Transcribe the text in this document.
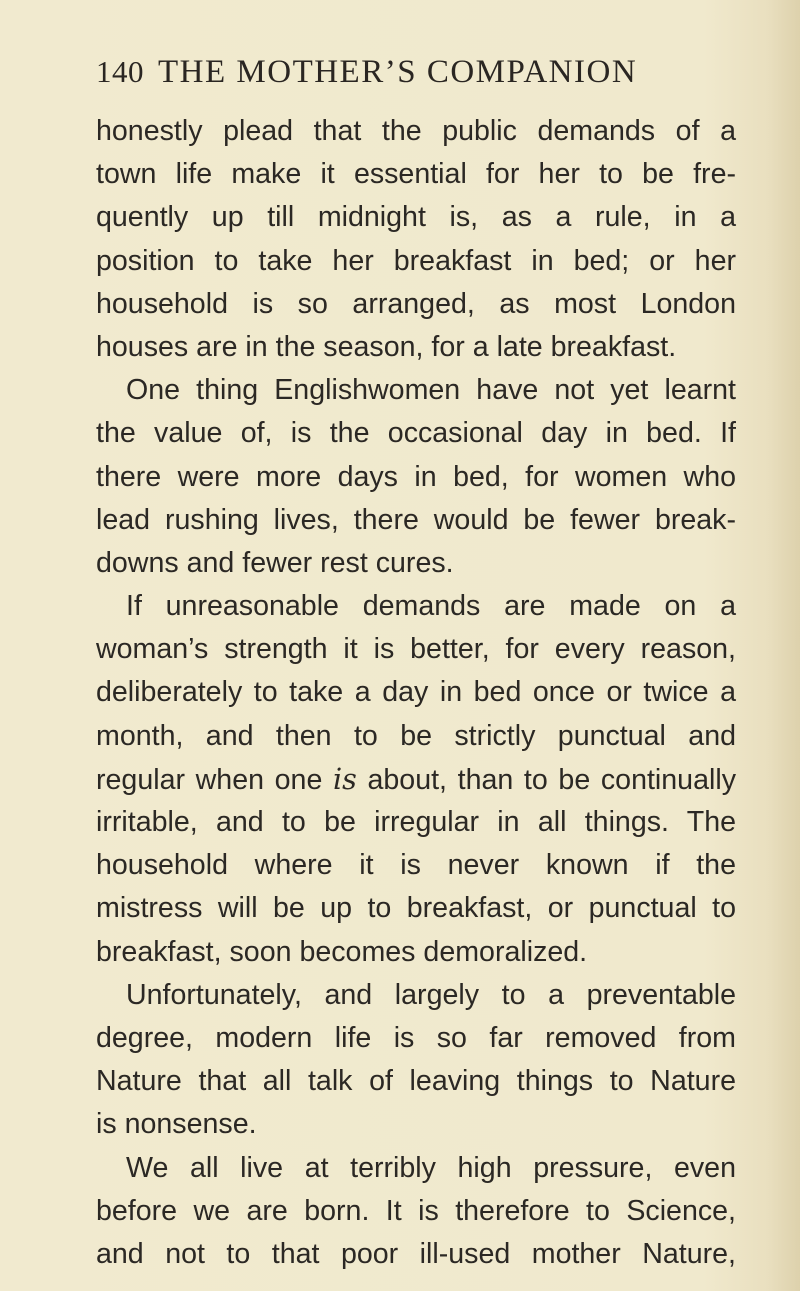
140 THE MOTHER’S COMPANION
honestly plead that the public demands of a
town life make it essential for her to be fre-
quently up till midnight is, as a rule, in a
position to take her breakfast in bed; or her
household is so arranged, as most London
houses are in the season, for a late breakfast.
One thing Englishwomen have not yet learnt
the value of, is the occasional day in bed. If
there were more days in bed, for women who
lead rushing lives, there would be fewer break-
downs and fewer rest cures.
If unreasonable demands are made on a
woman’s strength it is better, for every reason,
deliberately to take a day in bed once or twice a
month, and then to be strictly punctual and
regular when one is about, than to be continually
irritable, and to be irregular in all things. The
household where it is never known if the
mistress will be up to breakfast, or punctual to
breakfast, soon becomes demoralized.
Unfortunately, and largely to a preventable
degree, modern life is so far removed from
Nature that all talk of leaving things to Nature
is nonsense.
We all live at terribly high pressure, even
before we are born. It is therefore to Science,
and not to that poor ill-used mother Nature,
